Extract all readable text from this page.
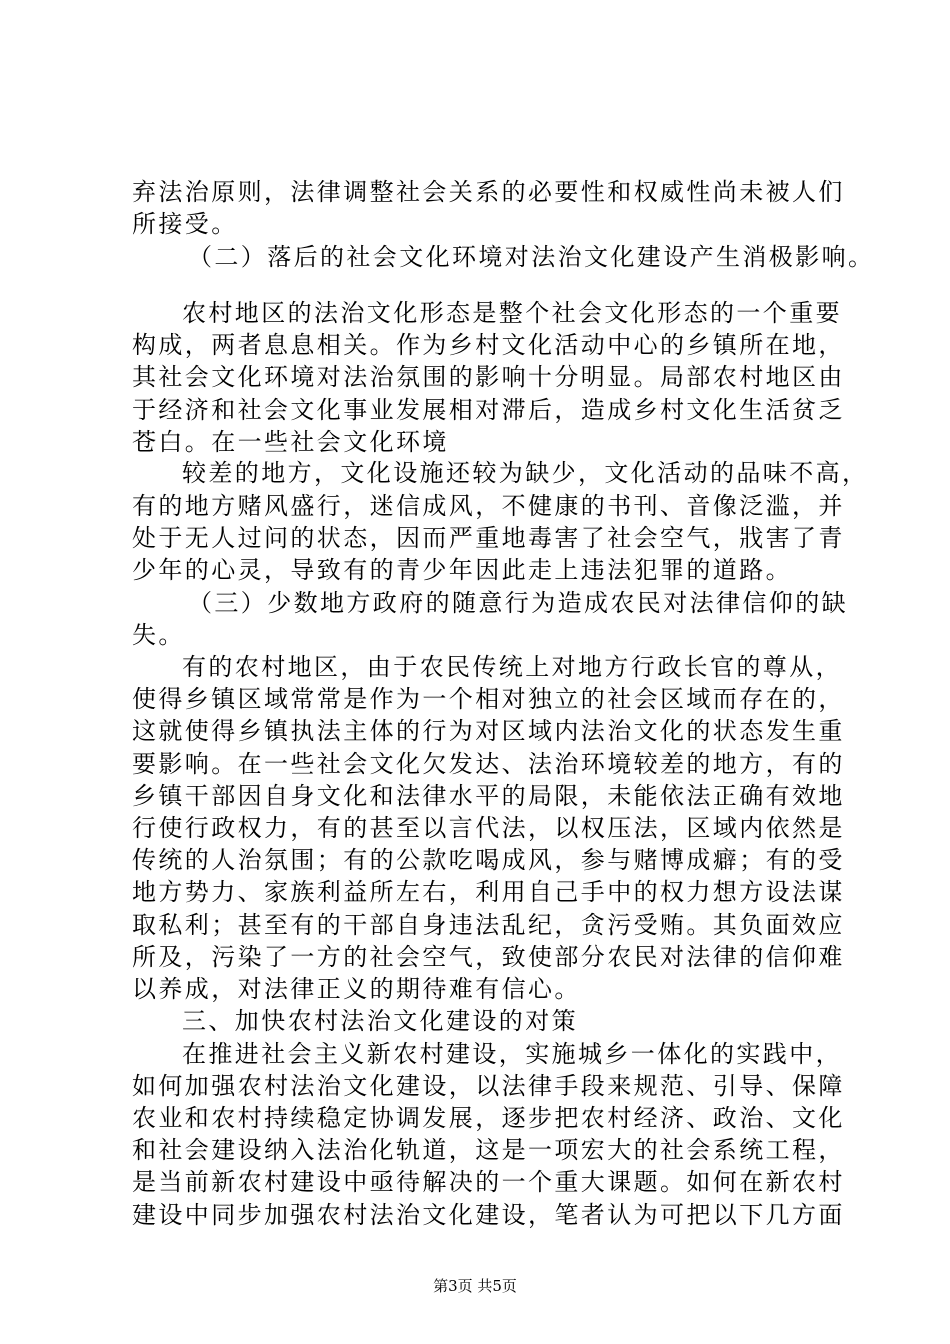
弃法治原则，法律调整社会关系的必要性和权威性尚未被人们
所接受。
（二）落后的社会文化环境对法治文化建设产生消极影响。
农村地区的法治文化形态是整个社会文化形态的一个重要
构成，两者息息相关。作为乡村文化活动中心的乡镇所在地，
其社会文化环境对法治氛围的影响十分明显。局部农村地区由
于经济和社会文化事业发展相对滞后，造成乡村文化生活贫乏
苍白。在一些社会文化环境
较差的地方，文化设施还较为缺少，文化活动的品味不高，
有的地方赌风盛行，迷信成风，不健康的书刊、音像泛滥，并
处于无人过问的状态，因而严重地毒害了社会空气，戕害了青
少年的心灵，导致有的青少年因此走上违法犯罪的道路。
（三）少数地方政府的随意行为造成农民对法律信仰的缺
失。
有的农村地区，由于农民传统上对地方行政长官的尊从，
使得乡镇区域常常是作为一个相对独立的社会区域而存在的，
这就使得乡镇执法主体的行为对区域内法治文化的状态发生重
要影响。在一些社会文化欠发达、法治环境较差的地方，有的
乡镇干部因自身文化和法律水平的局限，未能依法正确有效地
行使行政权力，有的甚至以言代法，以权压法，区域内依然是
传统的人治氛围；有的公款吃喝成风，参与赌博成癖；有的受
地方势力、家族利益所左右，利用自己手中的权力想方设法谋
取私利；甚至有的干部自身违法乱纪，贪污受贿。其负面效应
所及，污染了一方的社会空气，致使部分农民对法律的信仰难
以养成，对法律正义的期待难有信心。
三、加快农村法治文化建设的对策
在推进社会主义新农村建设，实施城乡一体化的实践中，
如何加强农村法治文化建设，以法律手段来规范、引导、保障
农业和农村持续稳定协调发展，逐步把农村经济、政治、文化
和社会建设纳入法治化轨道，这是一项宏大的社会系统工程，
是当前新农村建设中亟待解决的一个重大课题。如何在新农村
建设中同步加强农村法治文化建设，笔者认为可把以下几方面
第3页 共5页
